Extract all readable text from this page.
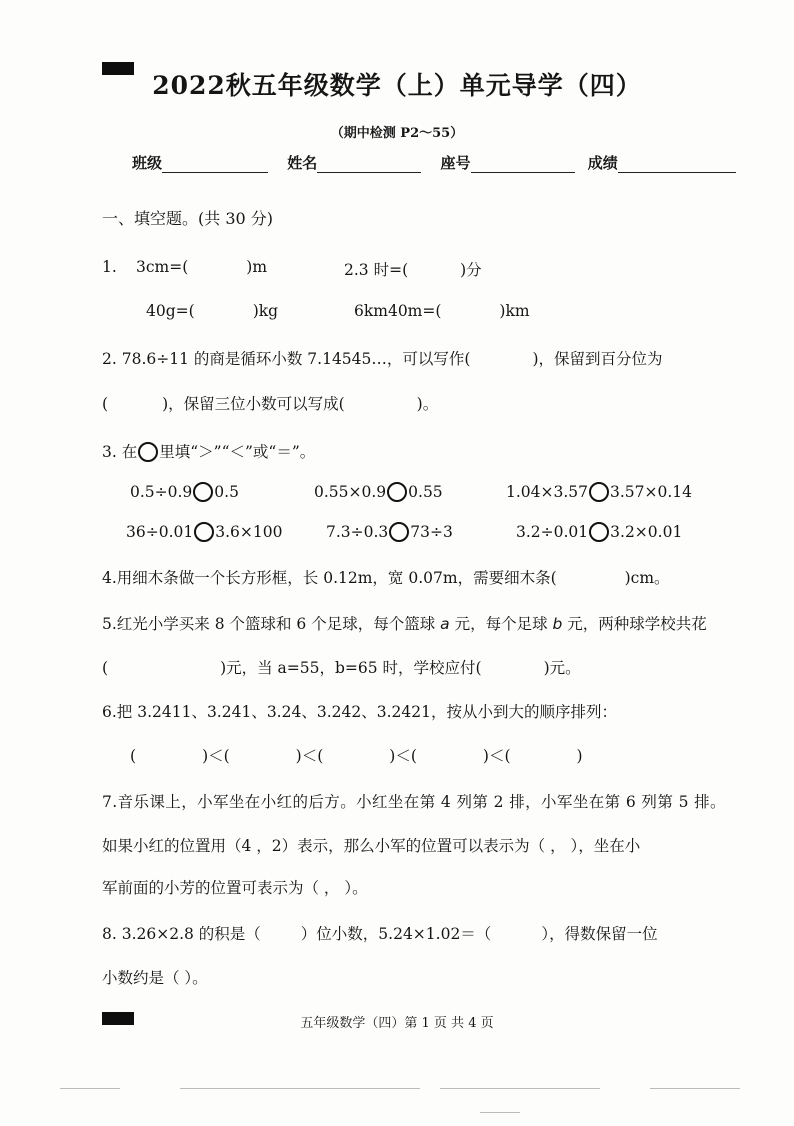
2022秋五年级数学（上）单元导学（四）
（期中检测 P2～55）
班级	姓名	座号	成绩
一、填空题。(共 30 分)
1. 3cm=(	)m	2.3 时=(	)分
40g=(	)kg	6km40m=(	)km
2. 78.6÷11 的商是循环小数 7.14545…，可以写作(	)，保留到百分位为
(	)，保留三位小数可以写成(	)。
3. 在 里填“＞”“＜”或“＝”。
0.5÷0.9 0.5	0.55×0.9 0.55	1.04×3.57 3.57×0.14
36÷0.01 3.6×100	7.3÷0.3 73÷3	3.2÷0.01 3.2×0.01
4.用细木条做一个长方形框，长 0.12m，宽 0.07m，需要细木条(	)cm。
5.红光小学买来 8 个篮球和 6 个足球，每个篮球 a 元，每个足球 b 元，两种球学校共花
(	)元，当 a=55，b=65 时，学校应付(	)元。
6.把 3.2411、3.241、3.24、3.242、3.2421，按从小到大的顺序排列：
(	)＜(	)＜(	)＜(	)＜(	)
7.音乐课上，小军坐在小红的后方。小红坐在第 4 列第 2 排，小军坐在第 6 列第 5 排。
如果小红的位置用（4 ，2）表示，那么小军的位置可以表示为（ ， ），坐在小
军前面的小芳的位置可表示为（ ， ）。
8. 3.26×2.8 的积是（	）位小数，5.24×1.02＝（	），得数保留一位
小数约是（ ）。
五年级数学（四）第 1 页 共 4 页
